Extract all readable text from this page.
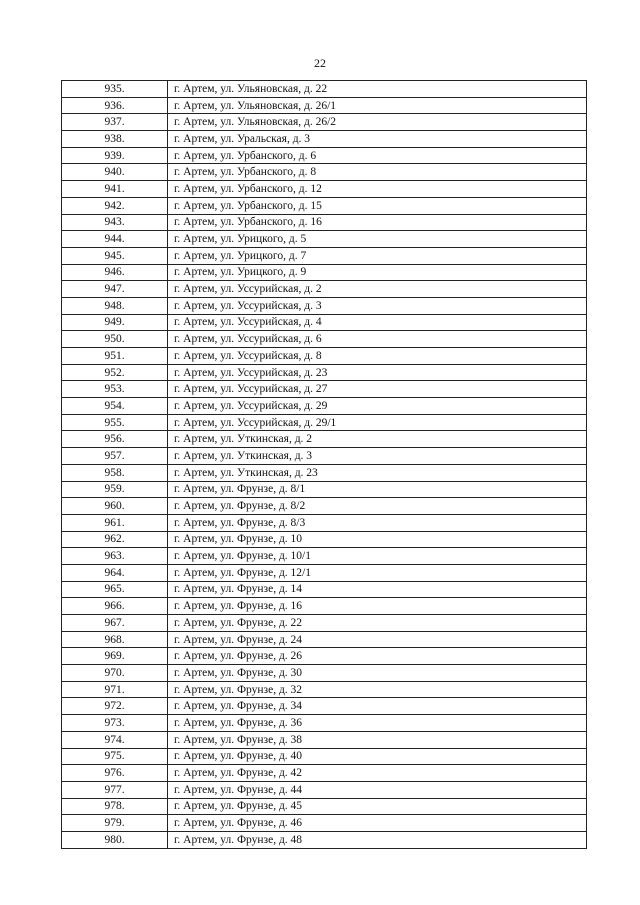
22
935.	г. Артем, ул. Ульяновская, д. 22
936.	г. Артем, ул. Ульяновская, д. 26/1
937.	г. Артем, ул. Ульяновская, д. 26/2
938.	г. Артем, ул. Уральская, д. 3
939.	г. Артем, ул. Урбанского, д. 6
940.	г. Артем, ул. Урбанского, д. 8
941.	г. Артем, ул. Урбанского, д. 12
942.	г. Артем, ул. Урбанского, д. 15
943.	г. Артем, ул. Урбанского, д. 16
944.	г. Артем, ул. Урицкого, д. 5
945.	г. Артем, ул. Урицкого, д. 7
946.	г. Артем, ул. Урицкого, д. 9
947.	г. Артем, ул. Уссурийская, д. 2
948.	г. Артем, ул. Уссурийская, д. 3
949.	г. Артем, ул. Уссурийская, д. 4
950.	г. Артем, ул. Уссурийская, д. 6
951.	г. Артем, ул. Уссурийская, д. 8
952.	г. Артем, ул. Уссурийская, д. 23
953.	г. Артем, ул. Уссурийская, д. 27
954.	г. Артем, ул. Уссурийская, д. 29
955.	г. Артем, ул. Уссурийская, д. 29/1
956.	г. Артем, ул. Уткинская, д. 2
957.	г. Артем, ул. Уткинская, д. 3
958.	г. Артем, ул. Уткинская, д. 23
959.	г. Артем, ул. Фрунзе, д. 8/1
960.	г. Артем, ул. Фрунзе, д. 8/2
961.	г. Артем, ул. Фрунзе, д. 8/3
962.	г. Артем, ул. Фрунзе, д. 10
963.	г. Артем, ул. Фрунзе, д. 10/1
964.	г. Артем, ул. Фрунзе, д. 12/1
965.	г. Артем, ул. Фрунзе, д. 14
966.	г. Артем, ул. Фрунзе, д. 16
967.	г. Артем, ул. Фрунзе, д. 22
968.	г. Артем, ул. Фрунзе, д. 24
969.	г. Артем, ул. Фрунзе, д. 26
970.	г. Артем, ул. Фрунзе, д. 30
971.	г. Артем, ул. Фрунзе, д. 32
972.	г. Артем, ул. Фрунзе, д. 34
973.	г. Артем, ул. Фрунзе, д. 36
974.	г. Артем, ул. Фрунзе, д. 38
975.	г. Артем, ул. Фрунзе, д. 40
976.	г. Артем, ул. Фрунзе, д. 42
977.	г. Артем, ул. Фрунзе, д. 44
978.	г. Артем, ул. Фрунзе, д. 45
979.	г. Артем, ул. Фрунзе, д. 46
980.	г. Артем, ул. Фрунзе, д. 48
